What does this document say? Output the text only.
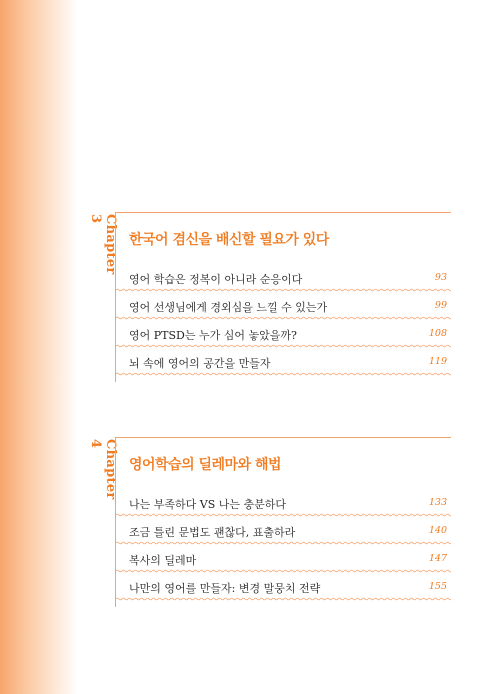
Chapter 3
한국어 겸신을 배신할 필요가 있다
영어 학습은 정복이 아니라 순응이다	93
영어 선생님에게 경외심을 느낄 수 있는가	99
영어 PTSD는 누가 심어 놓았을까?	108
뇌 속에 영어의 공간을 만들자	119
Chapter 4
영어학습의 딜레마와 해법
나는 부족하다 VS 나는 충분하다	133
조금 틀린 문법도 괜찮다, 표출하라	140
복사의 딜레마	147
나만의 영어를 만들자: 변경 말뭉치 전략	155
